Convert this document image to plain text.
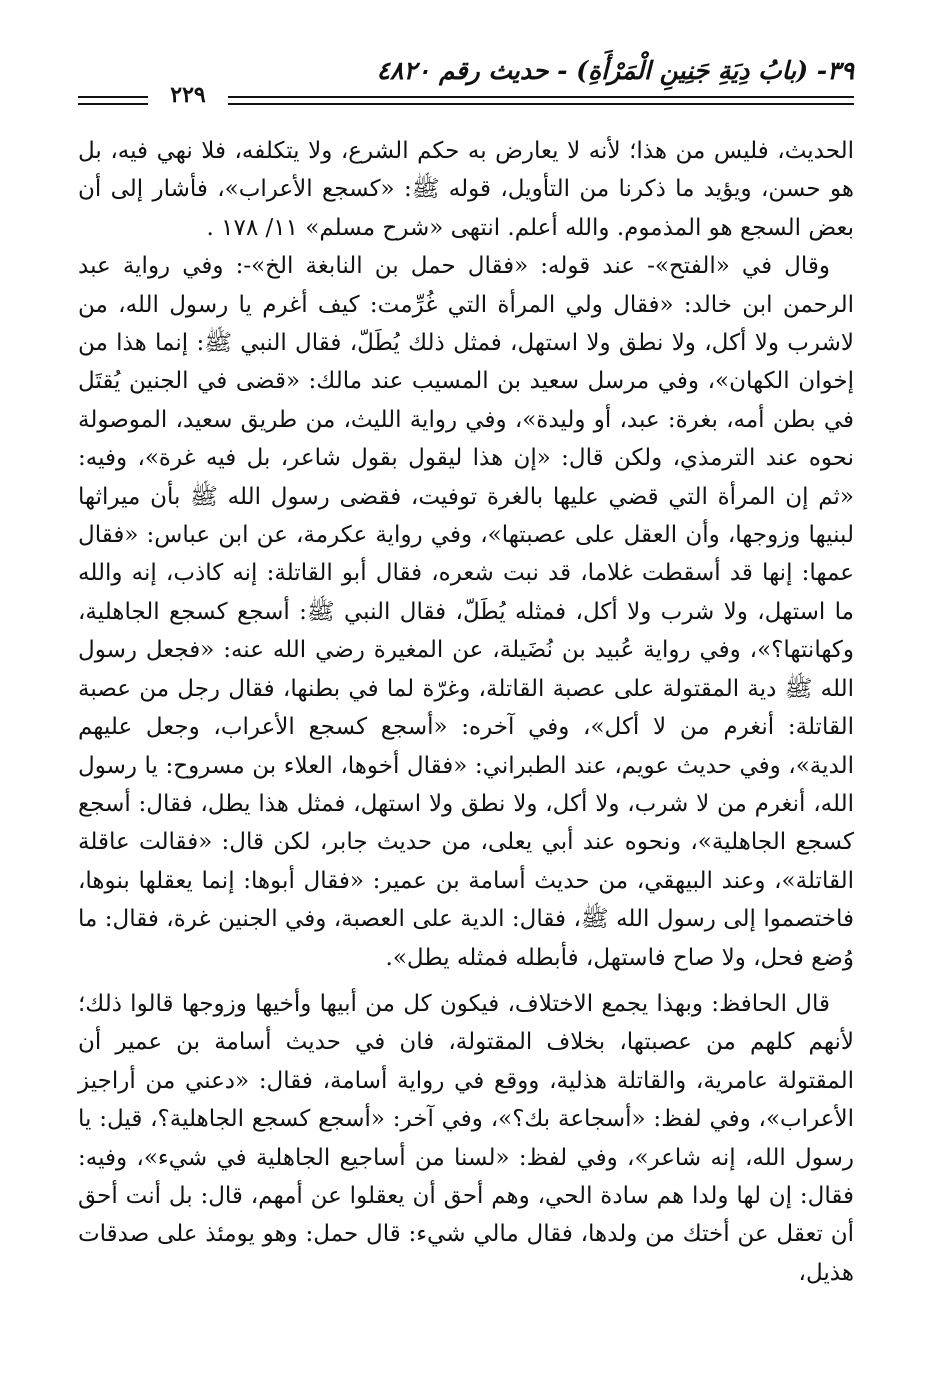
٣٩- (بابُ دِيَةِ جَنِينِ الْمَرْأَةِ) - حديث رقم ٤٨٢٠
٢٢٩

الحديث، فليس من هذا؛ لأنه لا يعارض به حكم الشرع، ولا يتكلفه، فلا نهي فيه، بل هو حسن، ويؤيد ما ذكرنا من التأويل، قوله ﷺ: «كسجع الأعراب»، فأشار إلى أن بعض السجع هو المذموم. والله أعلم. انتهى «شرح مسلم» ١١/ ١٧٨ .

وقال في «الفتح»- عند قوله: «فقال حمل بن النابغة الخ»-: وفي رواية عبد الرحمن ابن خالد: «فقال ولي المرأة التي غُرِّمت: كيف أغرم يا رسول الله، من لاشرب ولا أكل، ولا نطق ولا استهل، فمثل ذلك يُطَلّ، فقال النبي ﷺ: إنما هذا من إخوان الكهان»، وفي مرسل سعيد بن المسيب عند مالك: «قضى في الجنين يُقتَل في بطن أمه، بغرة: عبد، أو وليدة»، وفي رواية الليث، من طريق سعيد، الموصولة نحوه عند الترمذي، ولكن قال: «إن هذا ليقول بقول شاعر، بل فيه غرة»، وفيه: «ثم إن المرأة التي قضي عليها بالغرة توفيت، فقضى رسول الله ﷺ بأن ميراثها لبنيها وزوجها، وأن العقل على عصبتها»، وفي رواية عكرمة، عن ابن عباس: «فقال عمها: إنها قد أسقطت غلاما، قد نبت شعره، فقال أبو القاتلة: إنه كاذب، إنه والله ما استهل، ولا شرب ولا أكل، فمثله يُطَلّ، فقال النبي ﷺ: أسجع كسجع الجاهلية، وكهانتها؟»، وفي رواية عُبيد بن نُضَيلة، عن المغيرة رضي الله عنه: «فجعل رسول الله ﷺ دية المقتولة على عصبة القاتلة، وغرّة لما في بطنها، فقال رجل من عصبة القاتلة: أنغرم من لا أكل»، وفي آخره: «أسجع كسجع الأعراب، وجعل عليهم الدية»، وفي حديث عويم، عند الطبراني: «فقال أخوها، العلاء بن مسروح: يا رسول الله، أنغرم من لا شرب، ولا أكل، ولا نطق ولا استهل، فمثل هذا يطل، فقال: أسجع كسجع الجاهلية»، ونحوه عند أبي يعلى، من حديث جابر، لكن قال: «فقالت عاقلة القاتلة»، وعند البيهقي، من حديث أسامة بن عمير: «فقال أبوها: إنما يعقلها بنوها، فاختصموا إلى رسول الله ﷺ، فقال: الدية على العصبة، وفي الجنين غرة، فقال: ما وُضع فحل، ولا صاح فاستهل، فأبطله فمثله يطل».

قال الحافظ: وبهذا يجمع الاختلاف، فيكون كل من أبيها وأخيها وزوجها قالوا ذلك؛ لأنهم كلهم من عصبتها، بخلاف المقتولة، فان في حديث أسامة بن عمير أن المقتولة عامرية، والقاتلة هذلية، ووقع في رواية أسامة، فقال: «دعني من أراجيز الأعراب»، وفي لفظ: «أسجاعة بك؟»، وفي آخر: «أسجع كسجع الجاهلية؟، قيل: يا رسول الله، إنه شاعر»، وفي لفظ: «لسنا من أساجيع الجاهلية في شيء»، وفيه: فقال: إن لها ولدا هم سادة الحي، وهم أحق أن يعقلوا عن أمهم، قال: بل أنت أحق أن تعقل عن أختك من ولدها، فقال مالي شيء: قال حمل: وهو يومئذ على صدقات هذيل،
